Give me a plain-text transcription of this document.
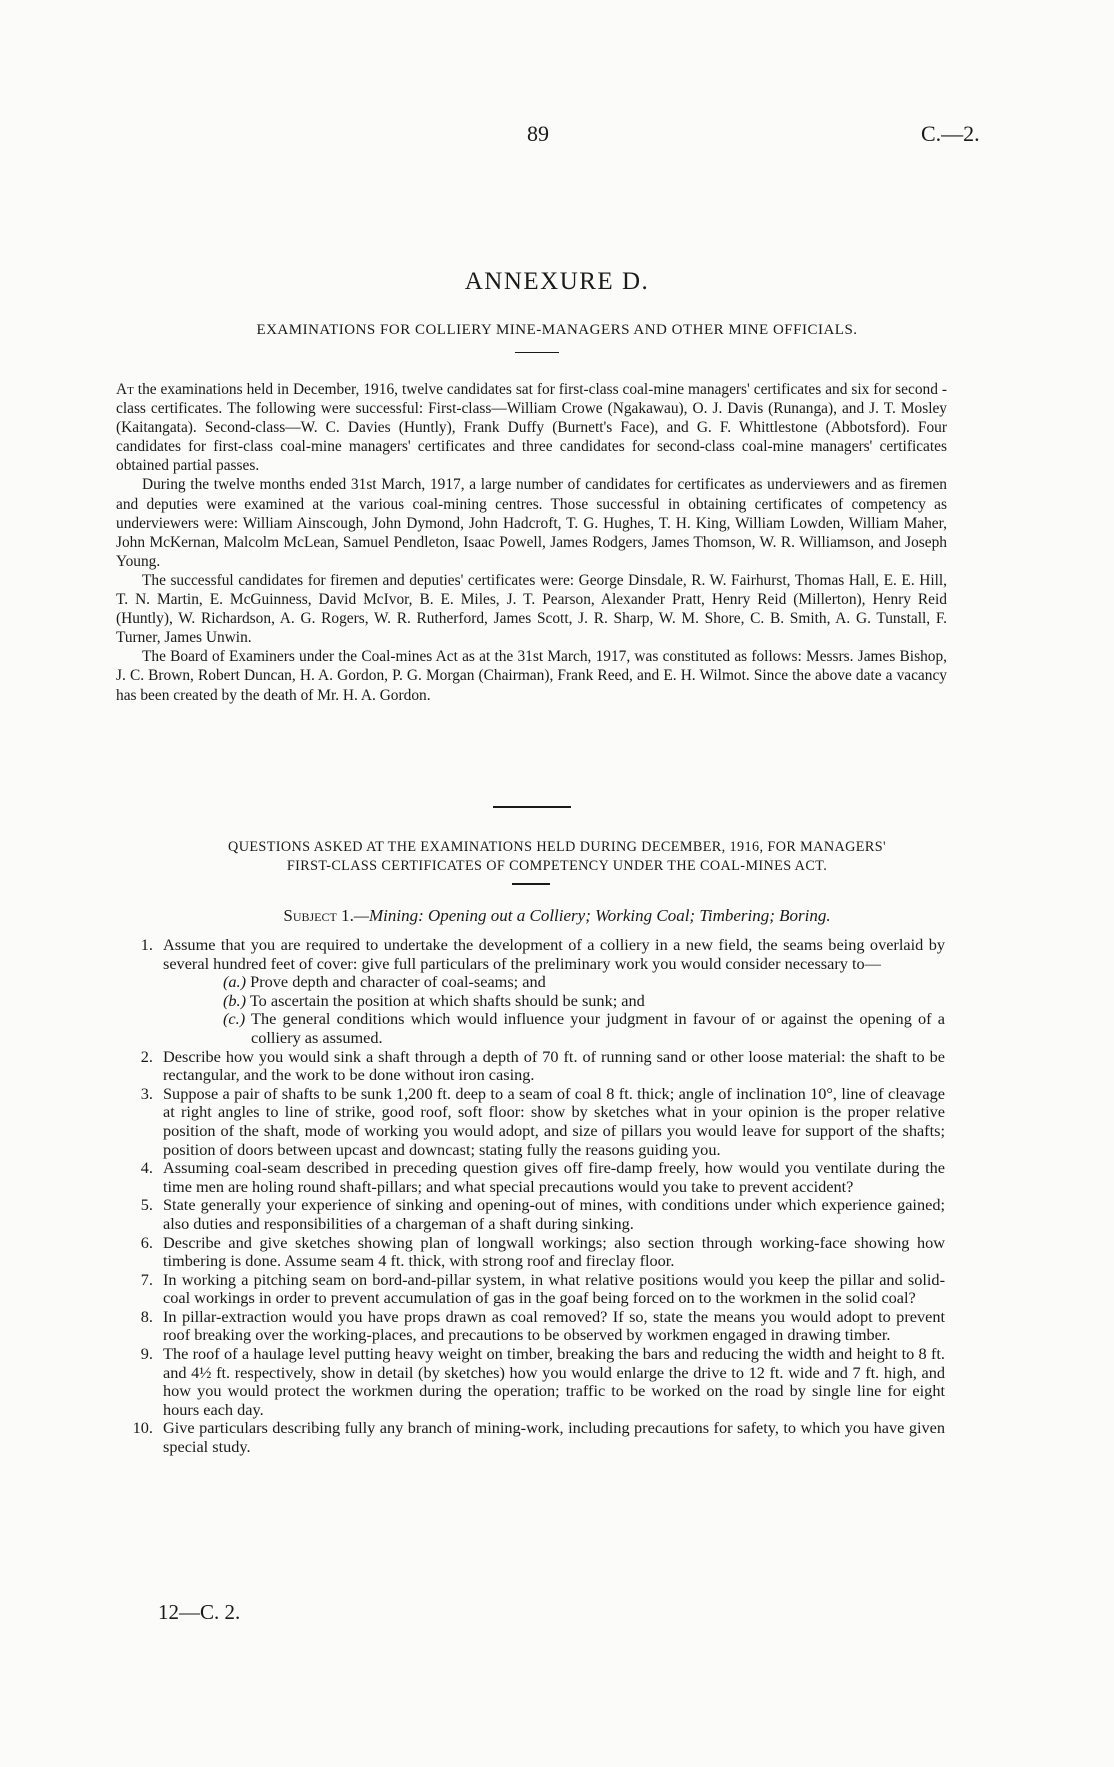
89	C.—2.
ANNEXURE D.
EXAMINATIONS FOR COLLIERY MINE-MANAGERS AND OTHER MINE OFFICIALS.

At the examinations held in December, 1916, twelve candidates sat for first-class coal-mine managers' certificates and six for second - class certificates. The following were successful: First-class—William Crowe (Ngakawau), O. J. Davis (Runanga), and J. T. Mosley (Kaitangata). Second-class—W. C. Davies (Huntly), Frank Duffy (Burnett's Face), and G. F. Whittlestone (Abbotsford). Four candidates for first-class coal-mine managers' certificates and three candidates for second-class coal-mine managers' certificates obtained partial passes.

During the twelve months ended 31st March, 1917, a large number of candidates for certificates as underviewers and as firemen and deputies were examined at the various coal-mining centres. Those successful in obtaining certificates of competency as underviewers were: William Ainscough, John Dymond, John Hadcroft, T. G. Hughes, T. H. King, William Lowden, William Maher, John McKernan, Malcolm McLean, Samuel Pendleton, Isaac Powell, James Rodgers, James Thomson, W. R. Williamson, and Joseph Young.

The successful candidates for firemen and deputies' certificates were: George Dinsdale, R. W. Fairhurst, Thomas Hall, E. E. Hill, T. N. Martin, E. McGuinness, David McIvor, B. E. Miles, J. T. Pearson, Alexander Pratt, Henry Reid (Millerton), Henry Reid (Huntly), W. Richardson, A. G. Rogers, W. R. Rutherford, James Scott, J. R. Sharp, W. M. Shore, C. B. Smith, A. G. Tunstall, F. Turner, James Unwin.

The Board of Examiners under the Coal-mines Act as at the 31st March, 1917, was constituted as follows: Messrs. James Bishop, J. C. Brown, Robert Duncan, H. A. Gordon, P. G. Morgan (Chairman), Frank Reed, and E. H. Wilmot. Since the above date a vacancy has been created by the death of Mr. H. A. Gordon.

QUESTIONS ASKED AT THE EXAMINATIONS HELD DURING DECEMBER, 1916, FOR MANAGERS'
FIRST-CLASS CERTIFICATES OF COMPETENCY UNDER THE COAL-MINES ACT.
Subject 1.—Mining: Opening out a Colliery; Working Coal; Timbering; Boring.
1. Assume that you are required to undertake the development of a colliery in a new field, the seams being overlaid by several hundred feet of cover: give full particulars of the preliminary work you would consider necessary to—
(a.) Prove depth and character of coal-seams; and
(b.) To ascertain the position at which shafts should be sunk; and
(c.) The general conditions which would influence your judgment in favour of or against the opening of a colliery as assumed.
2. Describe how you would sink a shaft through a depth of 70 ft. of running sand or other loose material: the shaft to be rectangular, and the work to be done without iron casing.
3. Suppose a pair of shafts to be sunk 1,200 ft. deep to a seam of coal 8 ft. thick; angle of inclination 10°, line of cleavage at right angles to line of strike, good roof, soft floor: show by sketches what in your opinion is the proper relative position of the shaft, mode of working you would adopt, and size of pillars you would leave for support of the shafts; position of doors between upcast and downcast; stating fully the reasons guiding you.
4. Assuming coal-seam described in preceding question gives off fire-damp freely, how would you ventilate during the time men are holing round shaft-pillars; and what special precautions would you take to prevent accident?
5. State generally your experience of sinking and opening-out of mines, with conditions under which experience gained; also duties and responsibilities of a chargeman of a shaft during sinking.
6. Describe and give sketches showing plan of longwall workings; also section through working-face showing how timbering is done. Assume seam 4 ft. thick, with strong roof and fireclay floor.
7. In working a pitching seam on bord-and-pillar system, in what relative positions would you keep the pillar and solid-coal workings in order to prevent accumulation of gas in the goaf being forced on to the workmen in the solid coal?
8. In pillar-extraction would you have props drawn as coal removed? If so, state the means you would adopt to prevent roof breaking over the working-places, and precautions to be observed by workmen engaged in drawing timber.
9. The roof of a haulage level putting heavy weight on timber, breaking the bars and reducing the width and height to 8 ft. and 4½ ft. respectively, show in detail (by sketches) how you would enlarge the drive to 12 ft. wide and 7 ft. high, and how you would protect the workmen during the operation; traffic to be worked on the road by single line for eight hours each day.
10. Give particulars describing fully any branch of mining-work, including precautions for safety, to which you have given special study.
12—C. 2.
